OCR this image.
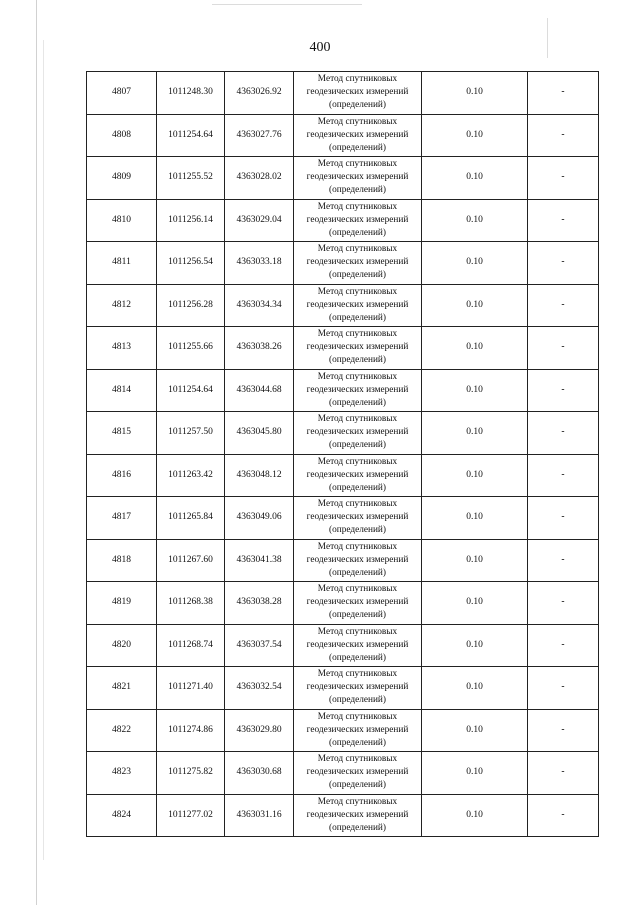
400
4807	1011248.30	4363026.92	Метод спутниковых
геодезических измерений
(определений)	0.10	-
4808	1011254.64	4363027.76	Метод спутниковых
геодезических измерений
(определений)	0.10	-
4809	1011255.52	4363028.02	Метод спутниковых
геодезических измерений
(определений)	0.10	-
4810	1011256.14	4363029.04	Метод спутниковых
геодезических измерений
(определений)	0.10	-
4811	1011256.54	4363033.18	Метод спутниковых
геодезических измерений
(определений)	0.10	-
4812	1011256.28	4363034.34	Метод спутниковых
геодезических измерений
(определений)	0.10	-
4813	1011255.66	4363038.26	Метод спутниковых
геодезических измерений
(определений)	0.10	-
4814	1011254.64	4363044.68	Метод спутниковых
геодезических измерений
(определений)	0.10	-
4815	1011257.50	4363045.80	Метод спутниковых
геодезических измерений
(определений)	0.10	-
4816	1011263.42	4363048.12	Метод спутниковых
геодезических измерений
(определений)	0.10	-
4817	1011265.84	4363049.06	Метод спутниковых
геодезических измерений
(определений)	0.10	-
4818	1011267.60	4363041.38	Метод спутниковых
геодезических измерений
(определений)	0.10	-
4819	1011268.38	4363038.28	Метод спутниковых
геодезических измерений
(определений)	0.10	-
4820	1011268.74	4363037.54	Метод спутниковых
геодезических измерений
(определений)	0.10	-
4821	1011271.40	4363032.54	Метод спутниковых
геодезических измерений
(определений)	0.10	-
4822	1011274.86	4363029.80	Метод спутниковых
геодезических измерений
(определений)	0.10	-
4823	1011275.82	4363030.68	Метод спутниковых
геодезических измерений
(определений)	0.10	-
4824	1011277.02	4363031.16	Метод спутниковых
геодезических измерений
(определений)	0.10	-
